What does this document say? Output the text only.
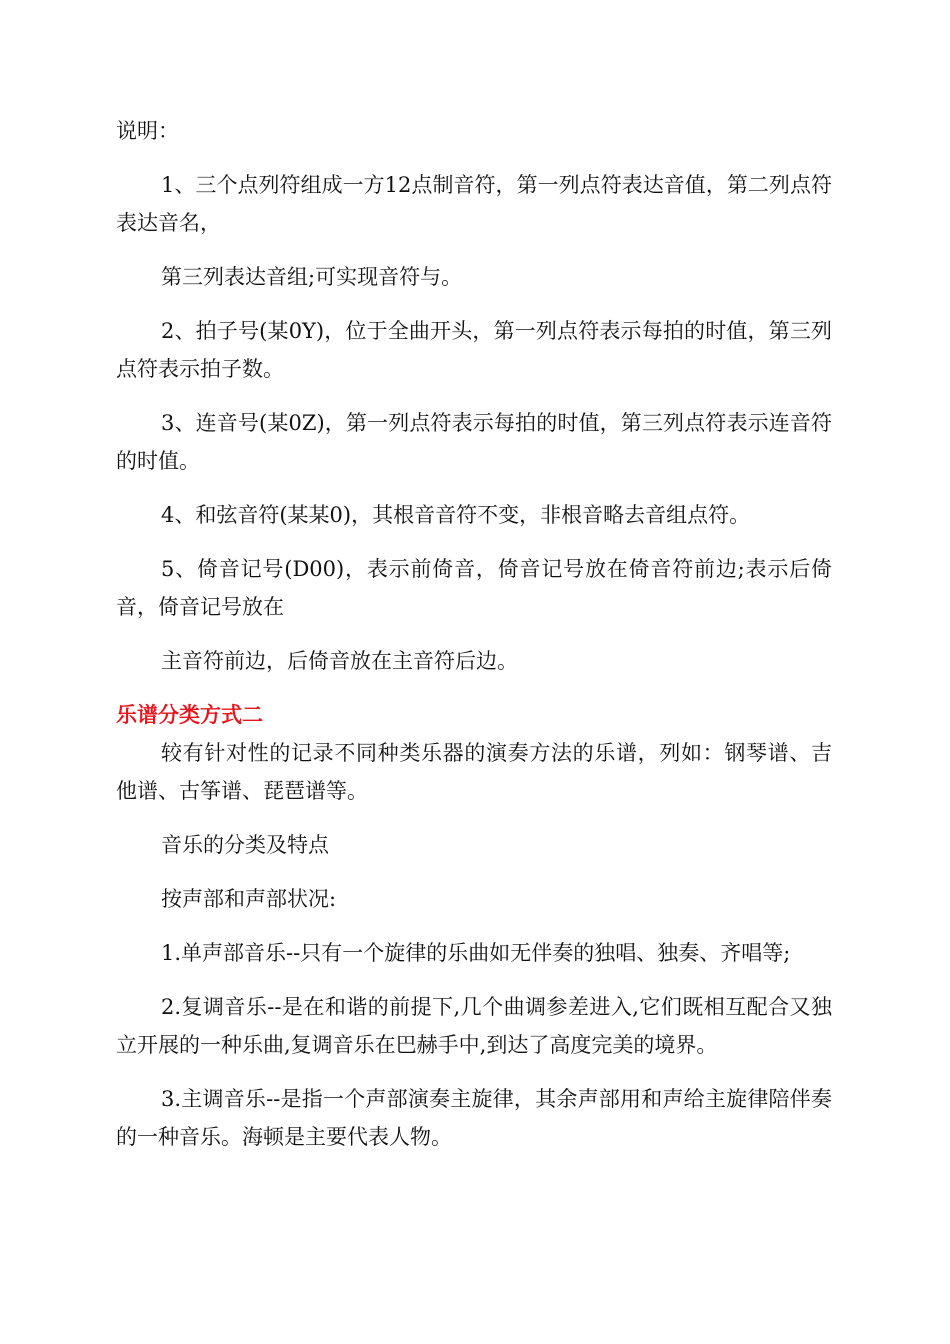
说明：

1、三个点列符组成一方12点制音符，第一列点符表达音值，第二列点符表达音名，

第三列表达音组;可实现音符与。

2、拍子号(某0Y)，位于全曲开头，第一列点符表示每拍的时值，第三列点符表示拍子数。

3、连音号(某0Z)，第一列点符表示每拍的时值，第三列点符表示连音符的时值。

4、和弦音符(某某0)，其根音音符不变，非根音略去音组点符。

5、倚音记号(D00)，表示前倚音，倚音记号放在倚音符前边;表示后倚音，倚音记号放在

主音符前边，后倚音放在主音符后边。

乐谱分类方式二

较有针对性的记录不同种类乐器的演奏方法的乐谱，列如：钢琴谱、吉他谱、古筝谱、琵琶谱等。

音乐的分类及特点

按声部和声部状况:

1.单声部音乐--只有一个旋律的乐曲如无伴奏的独唱、独奏、齐唱等;

2.复调音乐--是在和谐的前提下,几个曲调参差进入,它们既相互配合又独立开展的一种乐曲,复调音乐在巴赫手中,到达了高度完美的境界。

3.主调音乐--是指一个声部演奏主旋律，其余声部用和声给主旋律陪伴奏的一种音乐。海顿是主要代表人物。
